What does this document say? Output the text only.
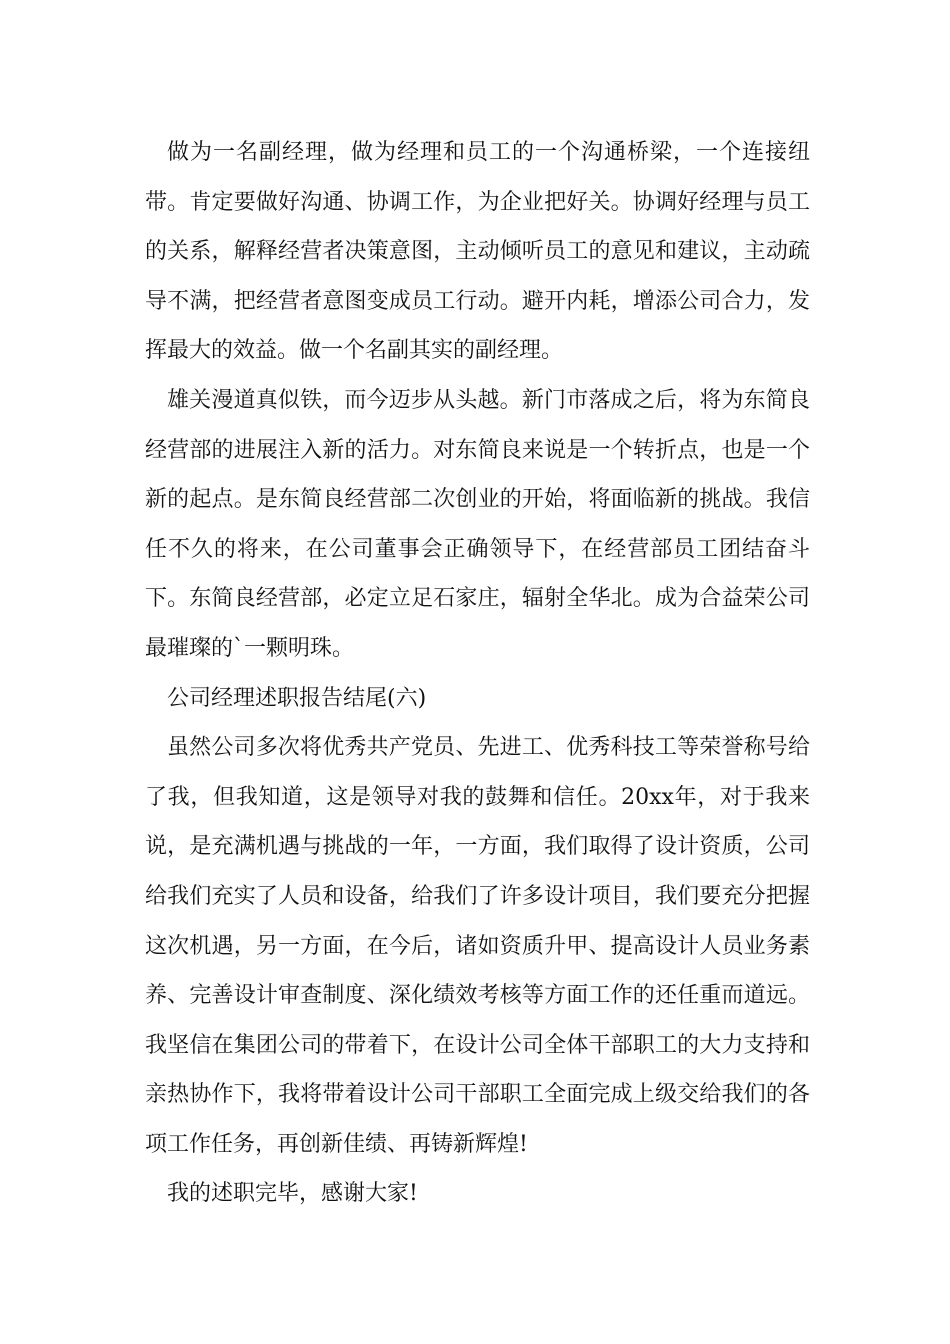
做为一名副经理，做为经理和员工的一个沟通桥梁，一个连接纽带。肯定要做好沟通、协调工作，为企业把好关。协调好经理与员工的关系，解释经营者决策意图，主动倾听员工的意见和建议，主动疏导不满，把经营者意图变成员工行动。避开内耗，增添公司合力，发挥最大的效益。做一个名副其实的副经理。

雄关漫道真似铁，而今迈步从头越。新门市落成之后，将为东简良经营部的进展注入新的活力。对东简良来说是一个转折点，也是一个新的起点。是东简良经营部二次创业的开始，将面临新的挑战。我信任不久的将来，在公司董事会正确领导下，在经营部员工团结奋斗下。东简良经营部，必定立足石家庄，辐射全华北。成为合益荣公司最璀璨的`一颗明珠。

公司经理述职报告结尾(六)

虽然公司多次将优秀共产党员、先进工、优秀科技工等荣誉称号给了我，但我知道，这是领导对我的鼓舞和信任。20xx年，对于我来说，是充满机遇与挑战的一年，一方面，我们取得了设计资质，公司给我们充实了人员和设备，给我们了许多设计项目，我们要充分把握这次机遇，另一方面，在今后，诸如资质升甲、提高设计人员业务素养、完善设计审查制度、深化绩效考核等方面工作的还任重而道远。我坚信在集团公司的带着下，在设计公司全体干部职工的大力支持和亲热协作下，我将带着设计公司干部职工全面完成上级交给我们的各项工作任务，再创新佳绩、再铸新辉煌!

我的述职完毕，感谢大家!
